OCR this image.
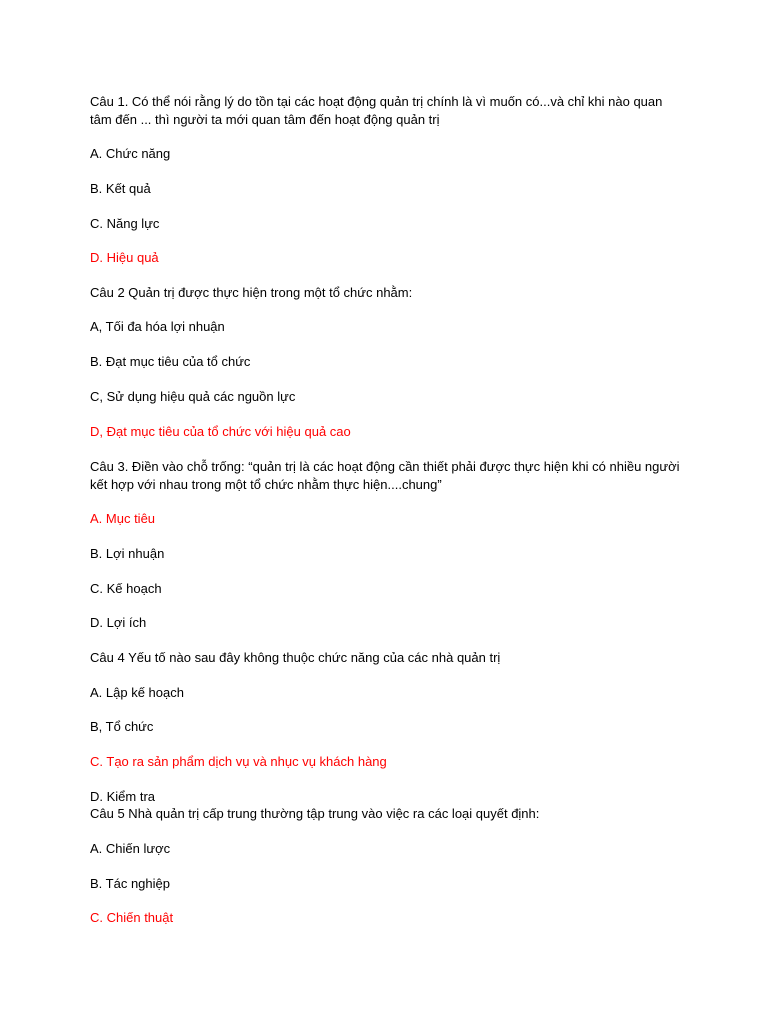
Câu 1. Có thể nói rằng lý do tồn tại các hoạt động quản trị chính là vì muốn có...và chỉ khi nào quan tâm đến ... thì người ta mới quan tâm đến hoạt động quản trị

A. Chức năng

B. Kết quả

C. Năng lực

D. Hiệu quả

Câu 2 Quản trị được thực hiện trong một tổ chức nhằm:

A, Tối đa hóa lợi nhuận

B. Đạt mục tiêu của tổ chức

C, Sử dụng hiệu quả các nguồn lực

D, Đạt mục tiêu của tổ chức với hiệu quả cao

Câu 3. Điền vào chỗ trống: “quản trị là các hoạt động cần thiết phải được thực hiện khi có nhiều người kết hợp với nhau trong một tổ chức nhằm thực hiện....chung”

A. Mục tiêu

B. Lợi nhuận

C. Kế hoạch

D. Lợi ích

Câu 4 Yếu tố nào sau đây không thuộc chức năng của các nhà quản trị

A. Lập kế hoạch

B, Tổ chức

C. Tạo ra sản phẩm dịch vụ và nhục vụ khách hàng

D. Kiểm tra

Câu 5 Nhà quản trị cấp trung thường tập trung vào việc ra các loại quyết định:

A. Chiến lược

B. Tác nghiệp

C. Chiến thuật
